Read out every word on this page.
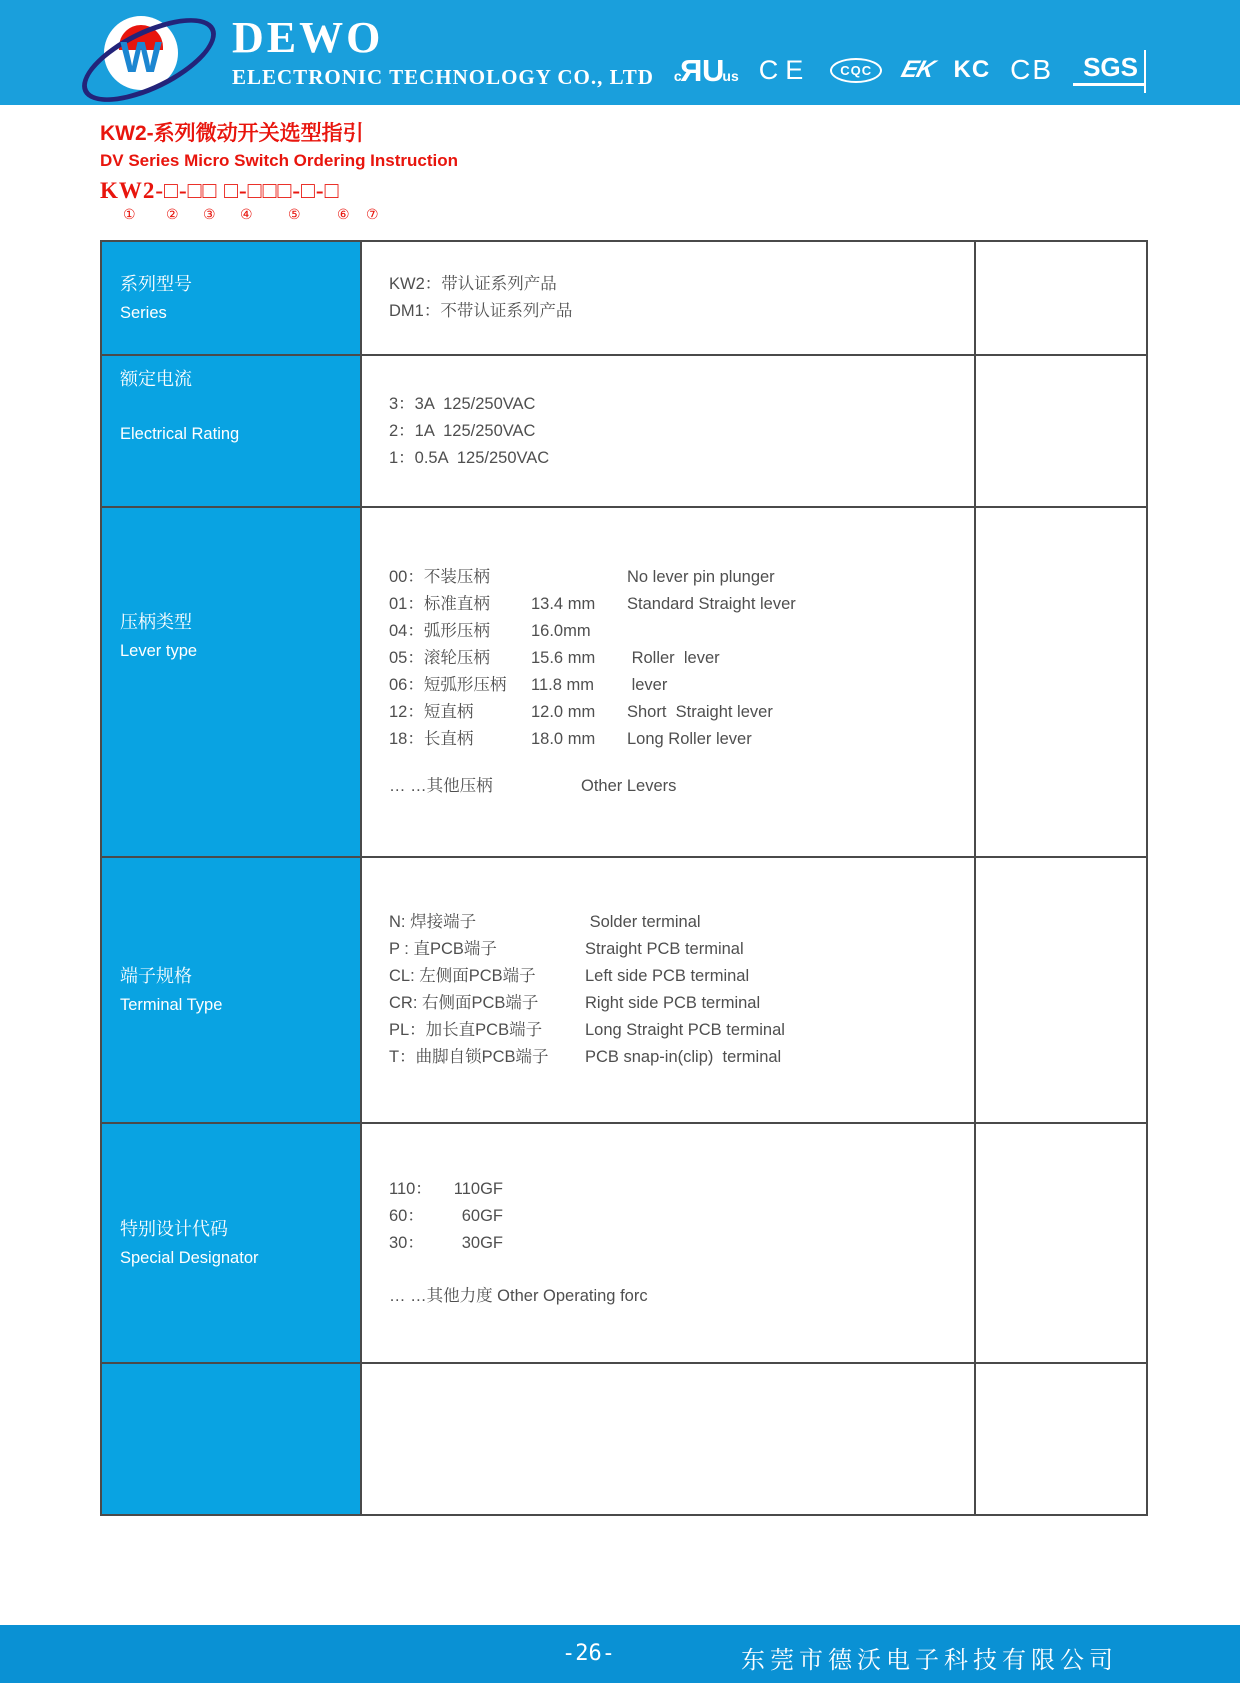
W	DEWO
ELECTRONIC TECHNOLOGY CO., LTD cRUus CE	CQC	EK KC CB	SGS
KW2-系列微动开关选型指引
DV Series Micro Switch Ordering Instruction
KW2-□-□□ □-□□□-□-□
① ② ③ ④	⑤	⑥ ⑦
系列型号
Series
KW2：带认证系列产品
DM1：不带认证系列产品
额定电流
Electrical Rating
3：3A  125/250VAC
2：1A  125/250VAC
1：0.5A  125/250VAC
压柄类型
Lever type
00：不装压柄	No lever pin plunger
01：标准直柄 13.4 mm Standard Straight lever
04：弧形压柄 16.0mm
05：滚轮压柄 15.6 mm Roller  lever
06：短弧形压柄 11.8 mm lever
12：短直柄	12.0 mm Short  Straight lever
18：长直柄	18.0 mm Long Roller lever
… …其他压柄	Other Levers
端子规格
Terminal Type
N: 焊接端子	Solder terminal
P : 直PCB端子	Straight PCB terminal
CL: 左侧面PCB端子	Left side PCB terminal
CR: 右侧面PCB端子	Right side PCB terminal
PL：加长直PCB端子	Long Straight PCB terminal
T：曲脚自锁PCB端子 PCB snap-in(clip)  terminal
特别设计代码
Special Designator
110： 110GF
60： 60GF
30： 30GF
… …其他力度 Other Operating forc
-26-	东莞市德沃电子科技有限公司
